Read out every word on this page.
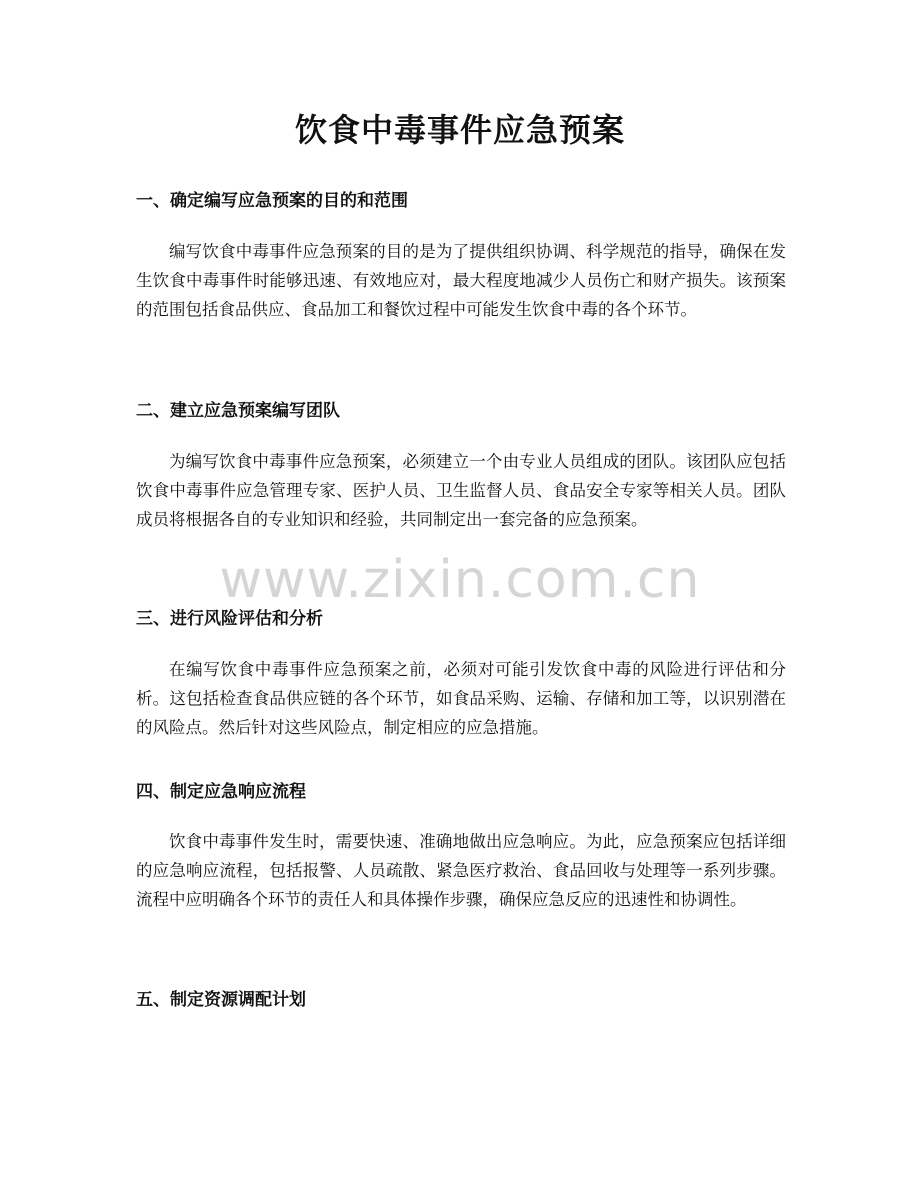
饮食中毒事件应急预案
一、确定编写应急预案的目的和范围

编写饮食中毒事件应急预案的目的是为了提供组织协调、科学规范的指导，确保在发生饮食中毒事件时能够迅速、有效地应对，最大程度地减少人员伤亡和财产损失。该预案的范围包括食品供应、食品加工和餐饮过程中可能发生饮食中毒的各个环节。

二、建立应急预案编写团队

为编写饮食中毒事件应急预案，必须建立一个由专业人员组成的团队。该团队应包括饮食中毒事件应急管理专家、医护人员、卫生监督人员、食品安全专家等相关人员。团队成员将根据各自的专业知识和经验，共同制定出一套完备的应急预案。

三、进行风险评估和分析

在编写饮食中毒事件应急预案之前，必须对可能引发饮食中毒的风险进行评估和分析。这包括检查食品供应链的各个环节，如食品采购、运输、存储和加工等，以识别潜在的风险点。然后针对这些风险点，制定相应的应急措施。

四、制定应急响应流程

饮食中毒事件发生时，需要快速、准确地做出应急响应。为此，应急预案应包括详细的应急响应流程，包括报警、人员疏散、紧急医疗救治、食品回收与处理等一系列步骤。流程中应明确各个环节的责任人和具体操作步骤，确保应急反应的迅速性和协调性。

五、制定资源调配计划
www.zixin.com.cn
